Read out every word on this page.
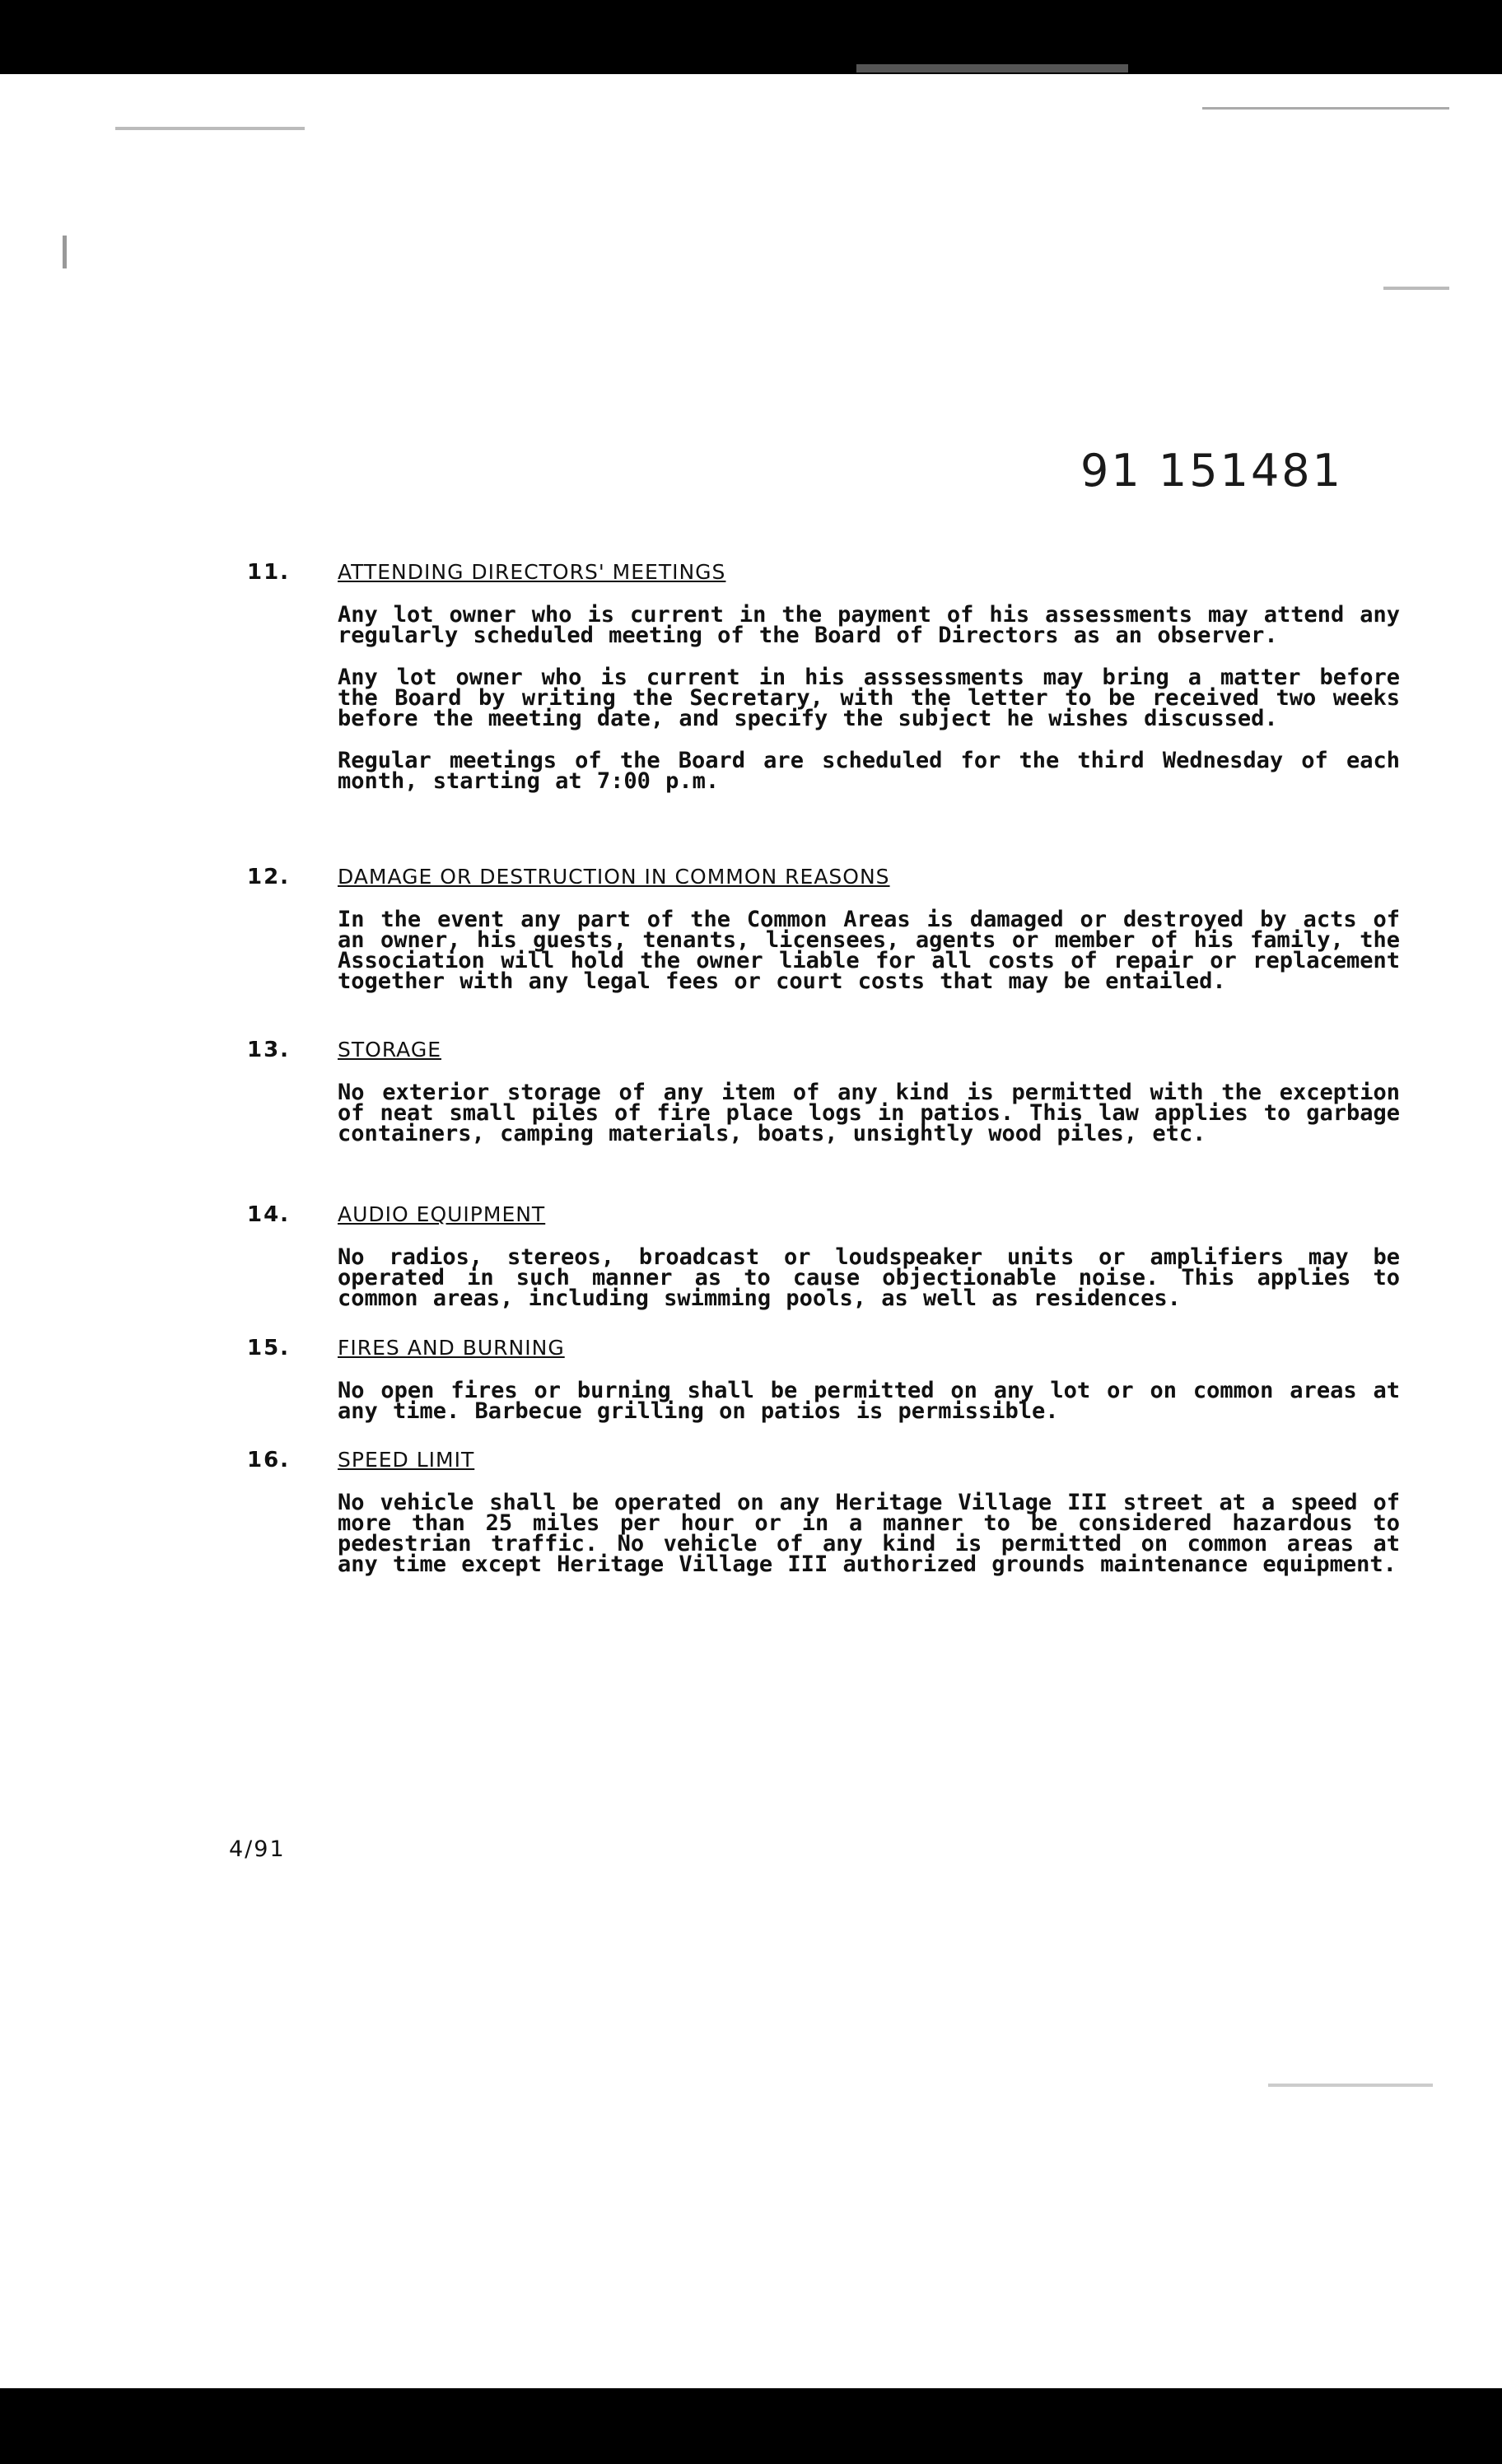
91 151481
11.	ATTENDING DIRECTORS' MEETINGS

Any lot owner who is current in the payment of his assessments may attend any regularly scheduled meeting of the Board of Directors as an observer.

Any lot owner who is current in his asssessments may bring a matter before the Board by writing the Secretary, with the letter to be received two weeks before the meeting date, and specify the subject he wishes discussed.

Regular meetings of the Board are scheduled for the third Wednesday of each month, starting at 7:00 p.m.

12.	DAMAGE OR DESTRUCTION IN COMMON REASONS

In the event any part of the Common Areas is damaged or destroyed by acts of an owner, his guests, tenants, licensees, agents or member of his family, the Association will hold the owner liable for all costs of repair or replacement together with any legal fees or court costs that may be entailed.

13.	STORAGE

No exterior storage of any item of any kind is permitted with the exception of neat small piles of fire place logs in patios. This law applies to garbage containers, camping materials, boats, unsightly wood piles, etc.

14.	AUDIO EQUIPMENT

No radios, stereos, broadcast or loudspeaker units or amplifiers may be operated in such manner as to cause objectionable noise. This applies to common areas, including swimming pools, as well as residences.

15.	FIRES AND BURNING

No open fires or burning shall be permitted on any lot or on common areas at any time. Barbecue grilling on patios is permissible.

16.	SPEED LIMIT

No vehicle shall be operated on any Heritage Village III street at a speed of more than 25 miles per hour or in a manner to be considered hazardous to pedestrian traffic. No vehicle of any kind is permitted on common areas at any time except Heritage Village III authorized grounds maintenance equipment.

4/91
